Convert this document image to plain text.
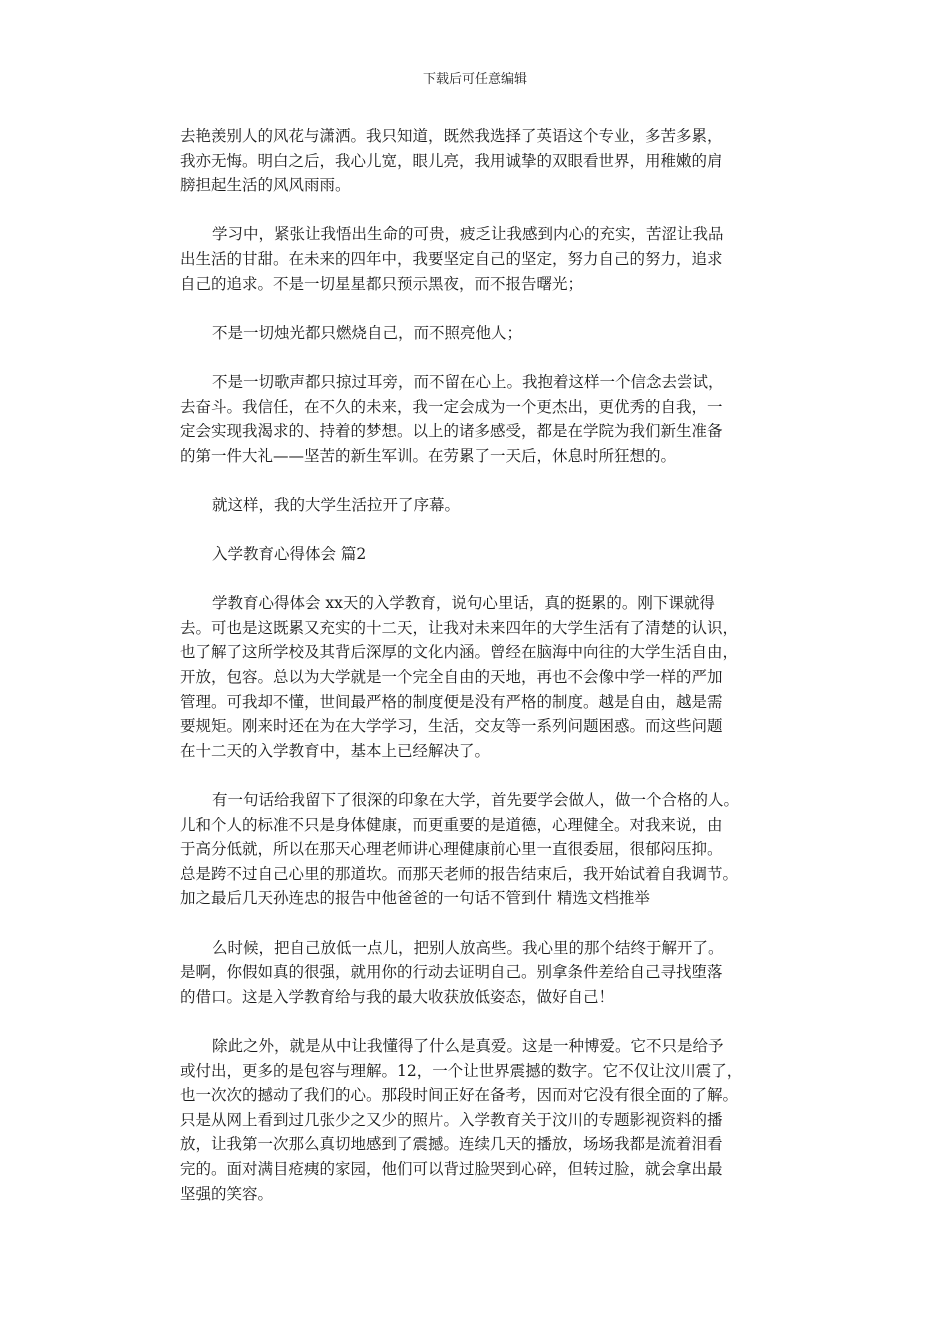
下载后可任意编辑
去艳羡别人的风花与潇洒。我只知道，既然我选择了英语这个专业，多苦多累，
我亦无悔。明白之后，我心儿宽，眼儿亮，我用诚挚的双眼看世界，用稚嫩的肩
膀担起生活的风风雨雨。
学习中，紧张让我悟出生命的可贵，疲乏让我感到内心的充实，苦涩让我品
出生活的甘甜。在未来的四年中，我要坚定自己的坚定，努力自己的努力，追求
自己的追求。不是一切星星都只预示黑夜，而不报告曙光；
不是一切烛光都只燃烧自己，而不照亮他人；
不是一切歌声都只掠过耳旁，而不留在心上。我抱着这样一个信念去尝试，
去奋斗。我信任，在不久的未来，我一定会成为一个更杰出，更优秀的自我，一
定会实现我渴求的、持着的梦想。以上的诸多感受，都是在学院为我们新生准备
的第一件大礼——坚苦的新生军训。在劳累了一天后，休息时所狂想的。
就这样，我的大学生活拉开了序幕。
入学教育心得体会 篇2
学教育心得体会 xx天的入学教育，说句心里话，真的挺累的。刚下课就得
去。可也是这既累又充实的十二天，让我对未来四年的大学生活有了清楚的认识，
也了解了这所学校及其背后深厚的文化内涵。曾经在脑海中向往的大学生活自由，
开放，包容。总以为大学就是一个完全自由的天地，再也不会像中学一样的严加
管理。可我却不懂，世间最严格的制度便是没有严格的制度。越是自由，越是需
要规矩。刚来时还在为在大学学习，生活，交友等一系列问题困惑。而这些问题
在十二天的入学教育中，基本上已经解决了。
有一句话给我留下了很深的印象在大学，首先要学会做人，做一个合格的人。
儿和个人的标准不只是身体健康，而更重要的是道德，心理健全。对我来说，由
于高分低就，所以在那天心理老师讲心理健康前心里一直很委屈，很郁闷压抑。
总是跨不过自己心里的那道坎。而那天老师的报告结束后，我开始试着自我调节。
加之最后几天孙连忠的报告中他爸爸的一句话不管到什 精选文档推举
么时候，把自己放低一点儿，把别人放高些。我心里的那个结终于解开了。
是啊，你假如真的很强，就用你的行动去证明自己。别拿条件差给自己寻找堕落
的借口。这是入学教育给与我的最大收获放低姿态，做好自己！
除此之外，就是从中让我懂得了什么是真爱。这是一种博爱。它不只是给予
或付出，更多的是包容与理解。12，一个让世界震撼的数字。它不仅让汶川震了，
也一次次的撼动了我们的心。那段时间正好在备考，因而对它没有很全面的了解。
只是从网上看到过几张少之又少的照片。入学教育关于汶川的专题影视资料的播
放，让我第一次那么真切地感到了震撼。连续几天的播放，场场我都是流着泪看
完的。面对满目疮痍的家园，他们可以背过脸哭到心碎，但转过脸，就会拿出最
坚强的笑容。
